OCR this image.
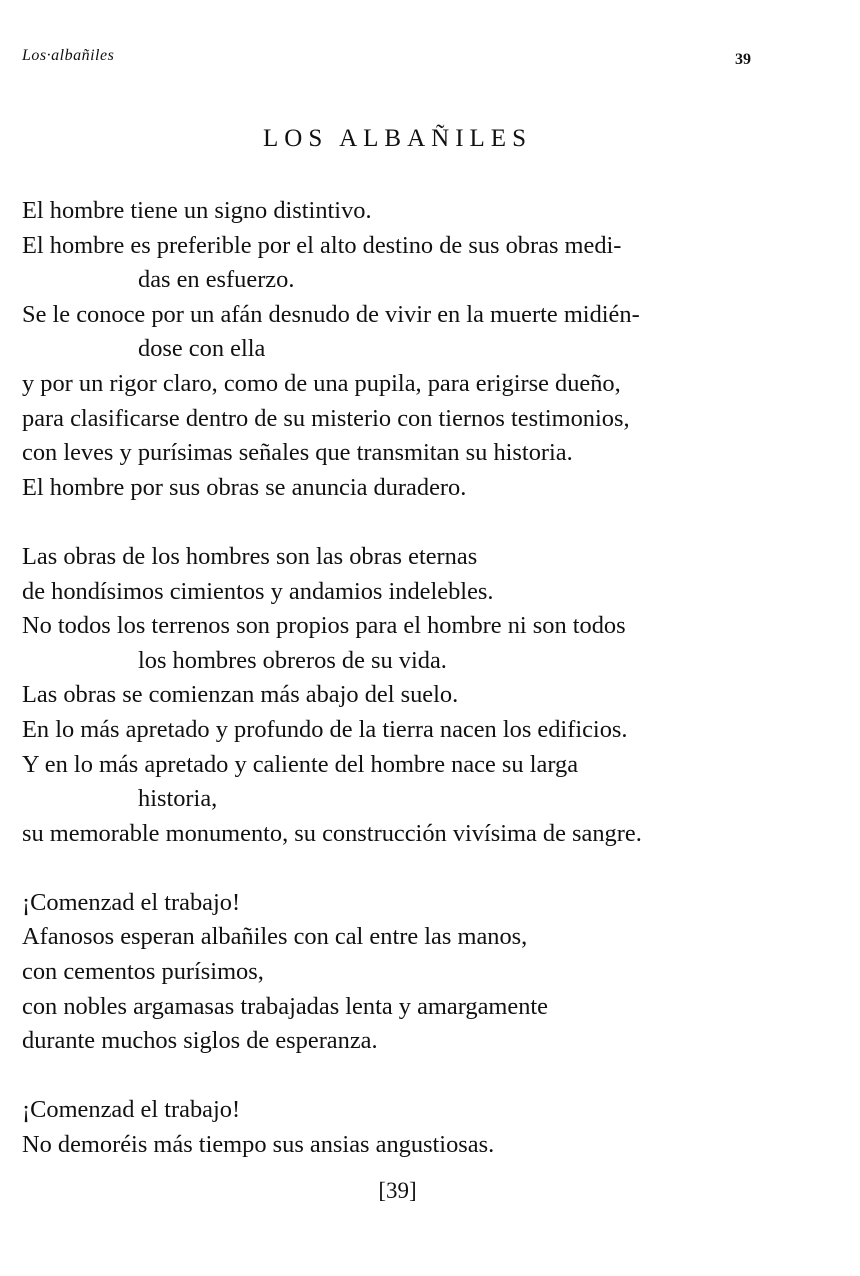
Los·albañiles	39
LOS ALBAÑILES
El hombre tiene un signo distintivo.
El hombre es preferible por el alto destino de sus obras medi-
das en esfuerzo.
Se le conoce por un afán desnudo de vivir en la muerte midién-
dose con ella
y por un rigor claro, como de una pupila, para erigirse dueño,
para clasificarse dentro de su misterio con tiernos testimonios,
con leves y purísimas señales que transmitan su historia.
El hombre por sus obras se anuncia duradero.
Las obras de los hombres son las obras eternas
de hondísimos cimientos y andamios indelebles.
No todos los terrenos son propios para el hombre ni son todos
los hombres obreros de su vida.
Las obras se comienzan más abajo del suelo.
En lo más apretado y profundo de la tierra nacen los edificios.
Y en lo más apretado y caliente del hombre nace su larga
historia,
su memorable monumento, su construcción vivísima de sangre.
¡Comenzad el trabajo!
Afanosos esperan albañiles con cal entre las manos,
con cementos purísimos,
con nobles argamasas trabajadas lenta y amargamente
durante muchos siglos de esperanza.
¡Comenzad el trabajo!
No demoréis más tiempo sus ansias angustiosas.
[39]
